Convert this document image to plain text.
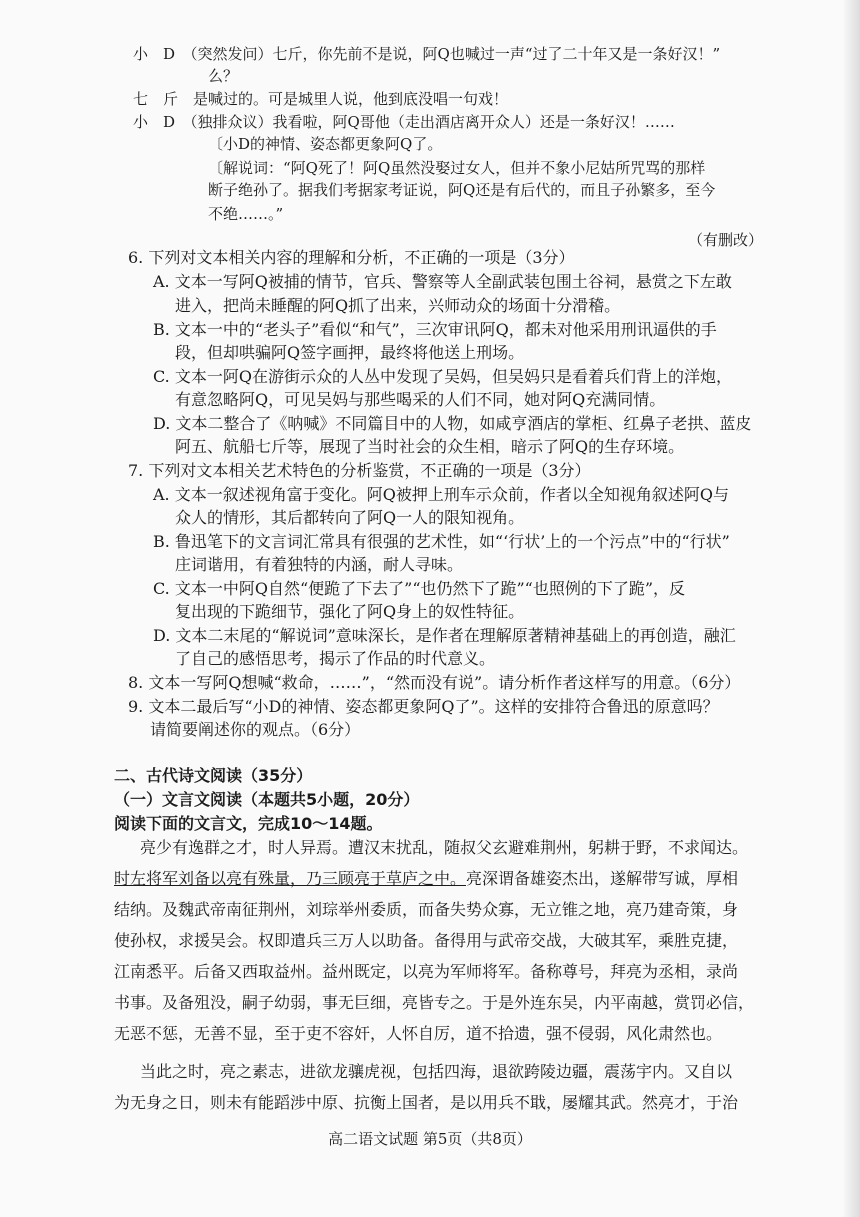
小　D　（突然发问）七斤，你先前不是说，阿Q也喊过一声“过了二十年又是一条好汉！”
么？
七　斤　是喊过的。可是城里人说，他到底没唱一句戏！
小　D　（独排众议）我看啦，阿Q哥他（走出酒店离开众人）还是一条好汉！……
〔小D的神情、姿态都更象阿Q了。
〔解说词：“阿Q死了！阿Q虽然没娶过女人，但并不象小尼姑所咒骂的那样
断子绝孙了。据我们考据家考证说，阿Q还是有后代的，而且子孙繁多，至今
不绝……。”
（有删改）
6. 下列对文本相关内容的理解和分析，不正确的一项是（3分）
A. 文本一写阿Q被捕的情节，官兵、警察等人全副武装包围土谷祠，悬赏之下左敢
进入，把尚未睡醒的阿Q抓了出来，兴师动众的场面十分滑稽。
B. 文本一中的“老头子”看似“和气”，三次审讯阿Q，都未对他采用刑讯逼供的手
段，但却哄骗阿Q签字画押，最终将他送上刑场。
C. 文本一阿Q在游街示众的人丛中发现了吴妈，但吴妈只是看着兵们背上的洋炮，
有意忽略阿Q，可见吴妈与那些喝采的人们不同，她对阿Q充满同情。
D. 文本二整合了《呐喊》不同篇目中的人物，如咸亨酒店的掌柜、红鼻子老拱、蓝皮
阿五、航船七斤等，展现了当时社会的众生相，暗示了阿Q的生存环境。
7. 下列对文本相关艺术特色的分析鉴赏，不正确的一项是（3分）
A. 文本一叙述视角富于变化。阿Q被押上刑车示众前，作者以全知视角叙述阿Q与
众人的情形，其后都转向了阿Q一人的限知视角。
B. 鲁迅笔下的文言词汇常具有很强的艺术性，如“‘行状’上的一个污点”中的“行状”
庄词谐用，有着独特的内涵，耐人寻味。
C. 文本一中阿Q自然“便跪了下去了”“也仍然下了跪”“也照例的下了跪”，反
复出现的下跪细节，强化了阿Q身上的奴性特征。
D. 文本二末尾的“解说词”意味深长，是作者在理解原著精神基础上的再创造，融汇
了自己的感悟思考，揭示了作品的时代意义。
8. 文本一写阿Q想喊“救命，……”，“然而没有说”。请分析作者这样写的用意。（6分）
9. 文本二最后写“小D的神情、姿态都更象阿Q了”。这样的安排符合鲁迅的原意吗？
请简要阐述你的观点。（6分）
二、古代诗文阅读（35分）
（一）文言文阅读（本题共5小题，20分）
阅读下面的文言文，完成10～14题。
亮少有逸群之才，时人异焉。遭汉末扰乱，随叔父玄避难荆州，躬耕于野，不求闻达。
时左将军刘备以亮有殊量，乃三顾亮于草庐之中。亮深谓备雄姿杰出，遂解带写诚，厚相
结纳。及魏武帝南征荆州，刘琮举州委质，而备失势众寡，无立锥之地，亮乃建奇策，身
使孙权，求援吴会。权即遣兵三万人以助备。备得用与武帝交战，大破其军，乘胜克捷，
江南悉平。后备又西取益州。益州既定，以亮为军师将军。备称尊号，拜亮为丞相，录尚
书事。及备殂没，嗣子幼弱，事无巨细，亮皆专之。于是外连东吴，内平南越，赏罚必信，
无恶不惩，无善不显，至于吏不容奸，人怀自厉，道不拾遗，强不侵弱，风化肃然也。
当此之时，亮之素志，进欲龙骧虎视，包括四海，退欲跨陵边疆，震荡宇内。又自以
为无身之日，则未有能蹈涉中原、抗衡上国者，是以用兵不戢，屡耀其武。然亮才，于治
高二语文试题 第5页（共8页）
